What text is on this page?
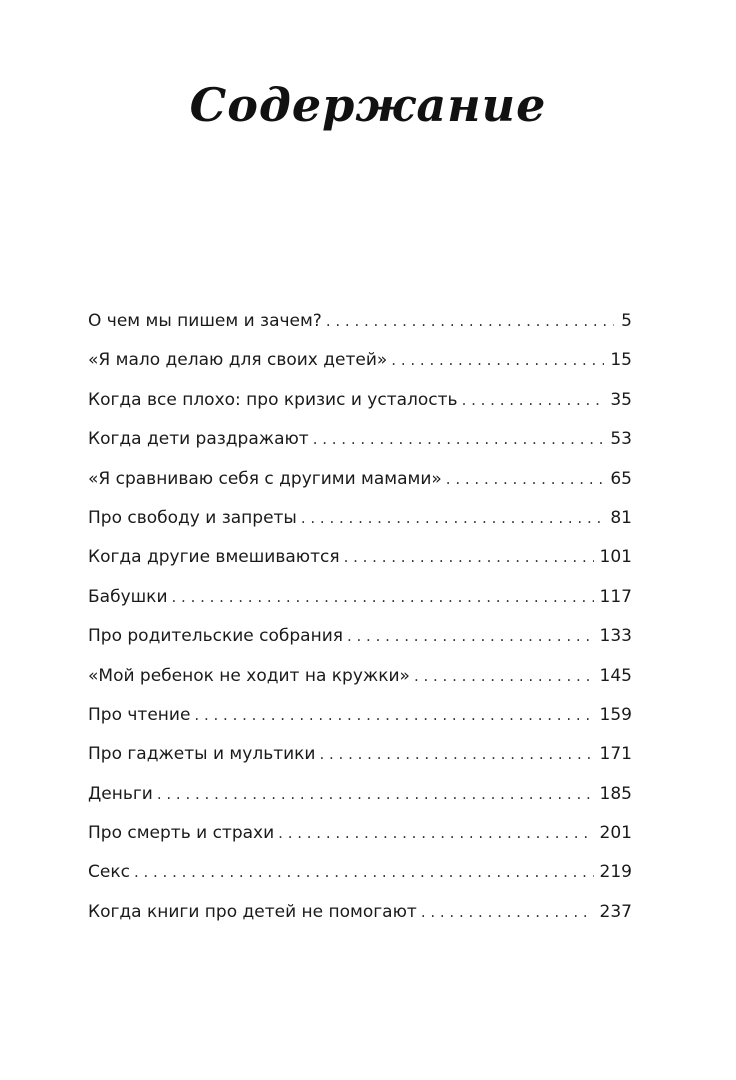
Содержание
О чем мы пишем и зачем? . . .	5
«Я мало делаю для своих детей» . . .	15
Когда все плохо: про кризис и усталость . . .	35
Когда дети раздражают . . .	53
«Я сравниваю себя с другими мамами» . . .	65
Про свободу и запреты . . .	81
Когда другие вмешиваются . . .	101
Бабушки . . .	117
Про родительские собрания . . .	133
«Мой ребенок не ходит на кружки» . . .	145
Про чтение . . .	159
Про гаджеты и мультики . . .	171
Деньги . . .	185
Про смерть и страхи . . .	201
Секс . . .	219
Когда книги про детей не помогают . . .	237
